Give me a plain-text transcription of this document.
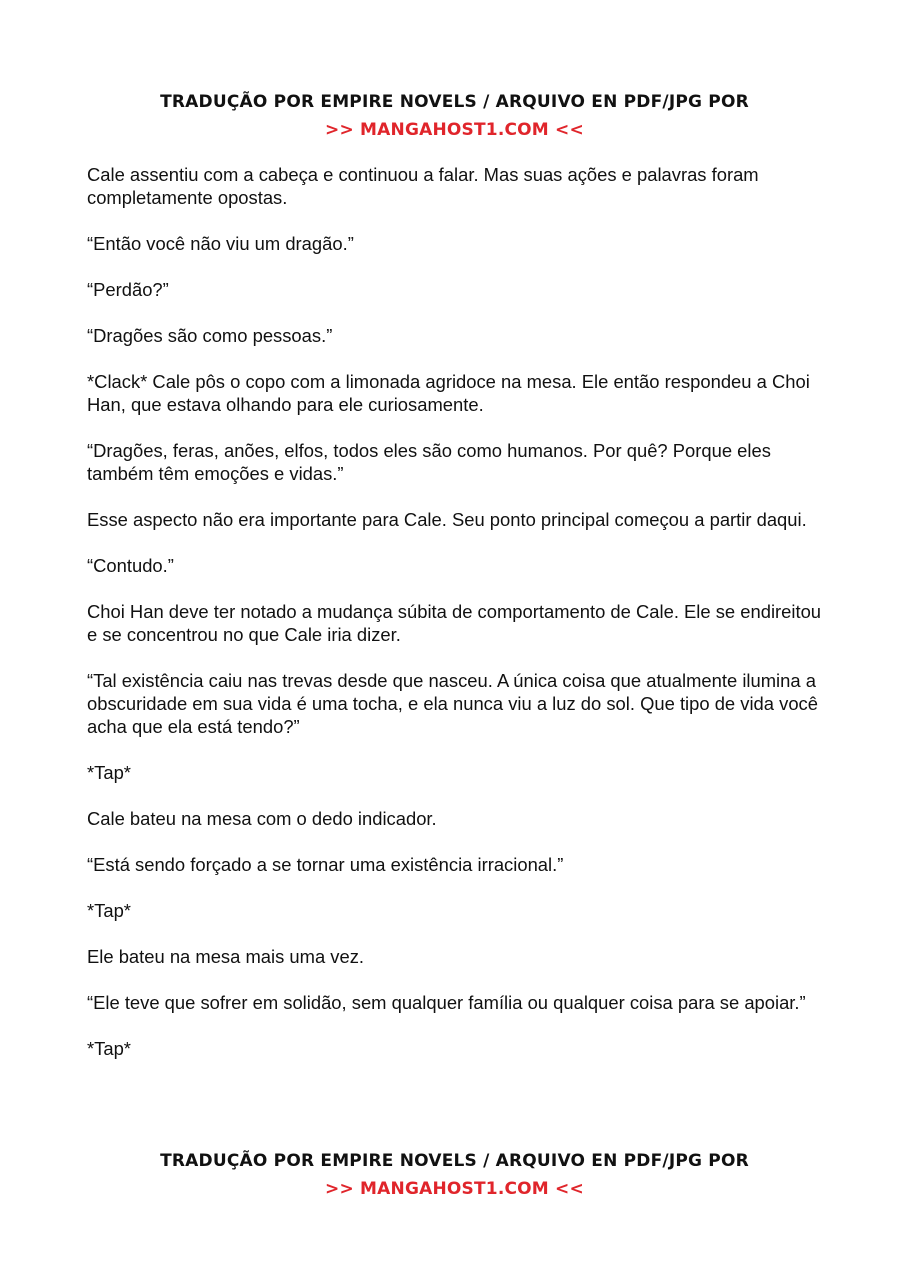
TRADUÇÃO POR EMPIRE NOVELS / ARQUIVO EN PDF/JPG POR
>> MANGAHOST1.COM <<

Cale assentiu com a cabeça e continuou a falar. Mas suas ações e palavras foram completamente opostas.

“Então você não viu um dragão.”

“Perdão?”

“Dragões são como pessoas.”

*Clack* Cale pôs o copo com a limonada agridoce na mesa. Ele então respondeu a Choi Han, que estava olhando para ele curiosamente.

“Dragões, feras, anões, elfos, todos eles são como humanos. Por quê? Porque eles também têm emoções e vidas.”

Esse aspecto não era importante para Cale. Seu ponto principal começou a partir daqui.

“Contudo.”

Choi Han deve ter notado a mudança súbita de comportamento de Cale. Ele se endireitou e se concentrou no que Cale iria dizer.

“Tal existência caiu nas trevas desde que nasceu. A única coisa que atualmente ilumina a obscuridade em sua vida é uma tocha, e ela nunca viu a luz do sol. Que tipo de vida você acha que ela está tendo?”

*Tap*

Cale bateu na mesa com o dedo indicador.

“Está sendo forçado a se tornar uma existência irracional.”

*Tap*

Ele bateu na mesa mais uma vez.

“Ele teve que sofrer em solidão, sem qualquer família ou qualquer coisa para se apoiar.”

*Tap*

TRADUÇÃO POR EMPIRE NOVELS / ARQUIVO EN PDF/JPG POR
>> MANGAHOST1.COM <<
